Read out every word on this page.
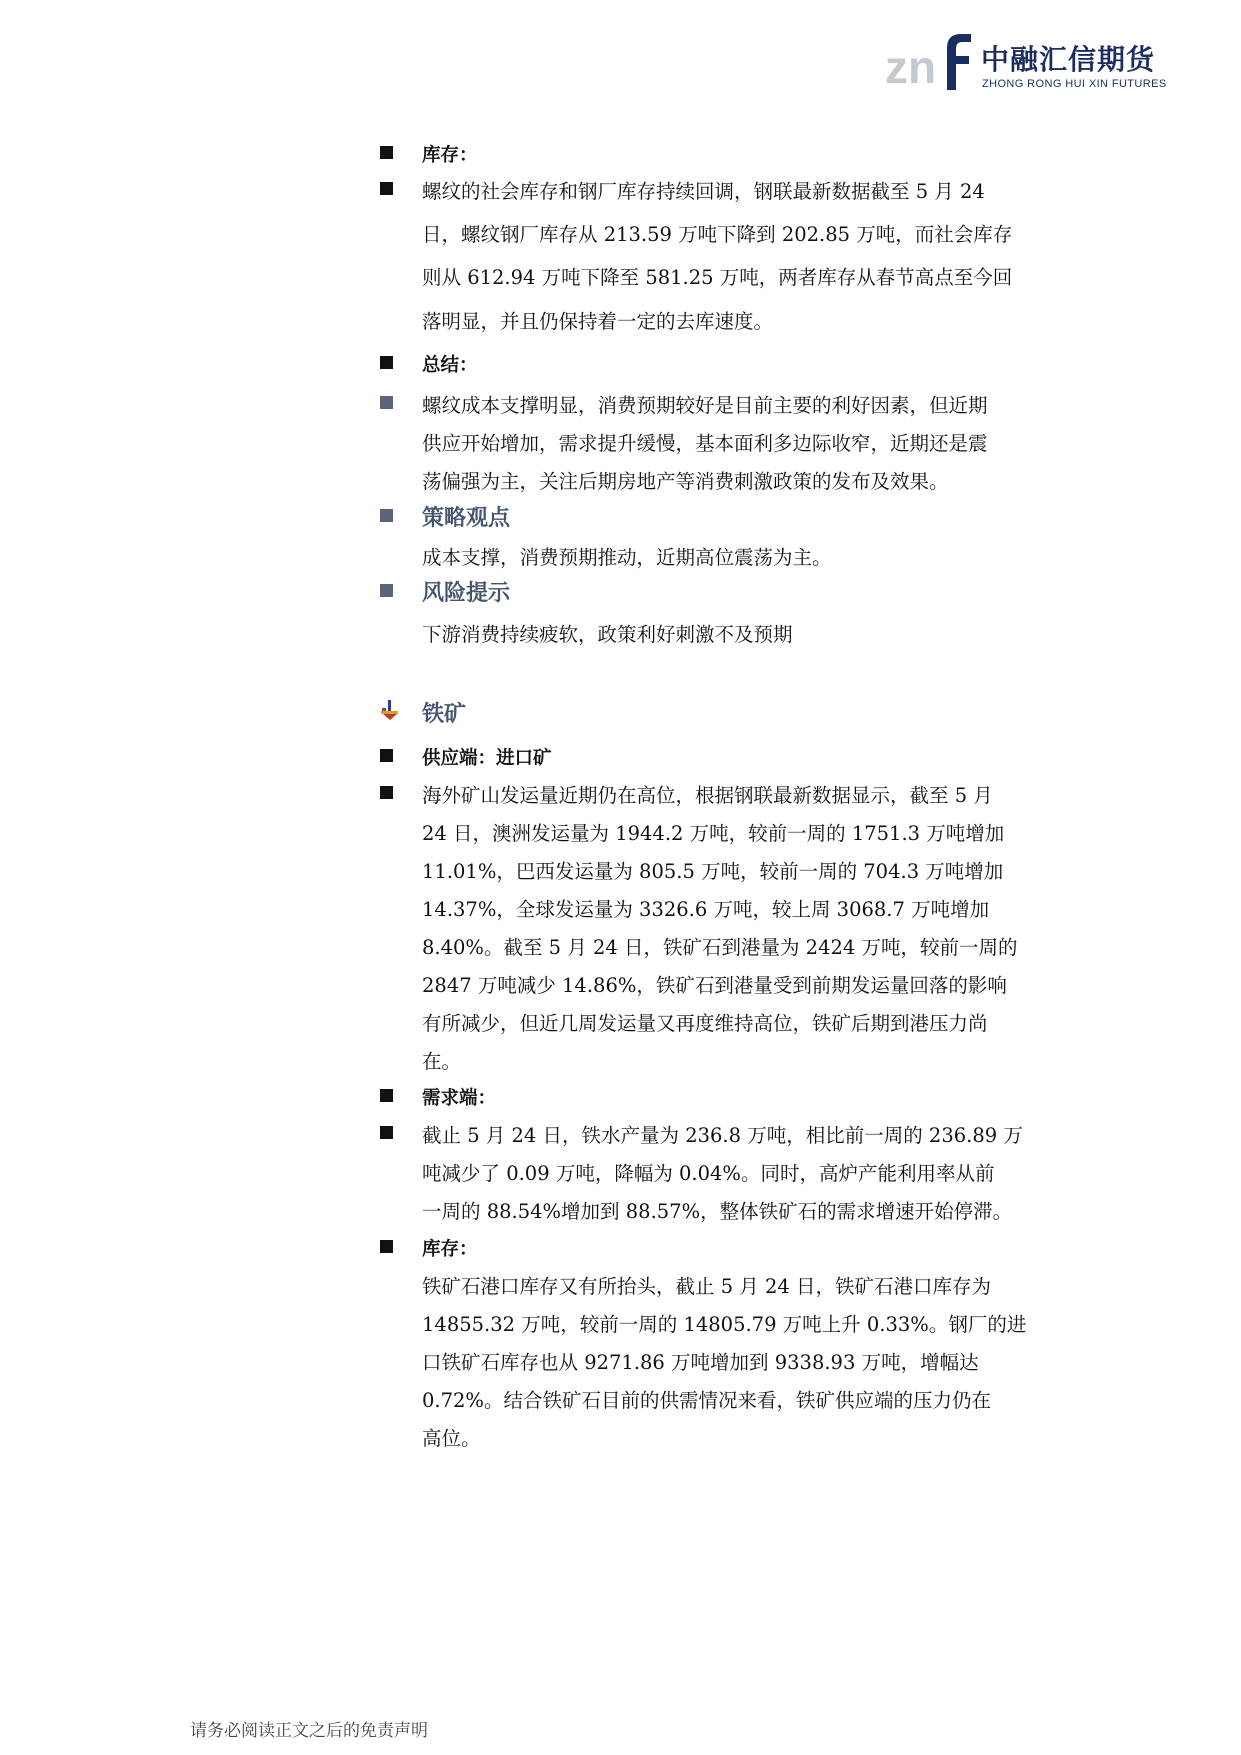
zn 中融汇信期货
ZHONG RONG HUI XIN FUTURES
库存：
螺纹的社会库存和钢厂库存持续回调，钢联最新数据截至 5 月 24
日，螺纹钢厂库存从 213.59 万吨下降到 202.85 万吨，而社会库存
则从 612.94 万吨下降至 581.25 万吨，两者库存从春节高点至今回
落明显，并且仍保持着一定的去库速度。
总结：
螺纹成本支撑明显，消费预期较好是目前主要的利好因素，但近期
供应开始增加，需求提升缓慢，基本面利多边际收窄，近期还是震
荡偏强为主，关注后期房地产等消费刺激政策的发布及效果。
策略观点
成本支撑，消费预期推动，近期高位震荡为主。
风险提示
下游消费持续疲软，政策利好刺激不及预期
铁矿
供应端：进口矿
海外矿山发运量近期仍在高位，根据钢联最新数据显示，截至 5 月
24 日，澳洲发运量为 1944.2 万吨，较前一周的 1751.3 万吨增加
11.01%，巴西发运量为 805.5 万吨，较前一周的 704.3 万吨增加
14.37%，全球发运量为 3326.6 万吨，较上周 3068.7 万吨增加
8.40%。截至 5 月 24 日，铁矿石到港量为 2424 万吨，较前一周的
2847 万吨减少 14.86%，铁矿石到港量受到前期发运量回落的影响
有所减少，但近几周发运量又再度维持高位，铁矿后期到港压力尚
在。
需求端：
截止 5 月 24 日，铁水产量为 236.8 万吨，相比前一周的 236.89 万
吨减少了 0.09 万吨，降幅为 0.04%。同时，高炉产能利用率从前
一周的 88.54%增加到 88.57%，整体铁矿石的需求增速开始停滞。
库存：
铁矿石港口库存又有所抬头，截止 5 月 24 日，铁矿石港口库存为
14855.32 万吨，较前一周的 14805.79 万吨上升 0.33%。钢厂的进
口铁矿石库存也从 9271.86 万吨增加到 9338.93 万吨，增幅达
0.72%。结合铁矿石目前的供需情况来看，铁矿供应端的压力仍在
高位。
请务必阅读正文之后的免责声明
